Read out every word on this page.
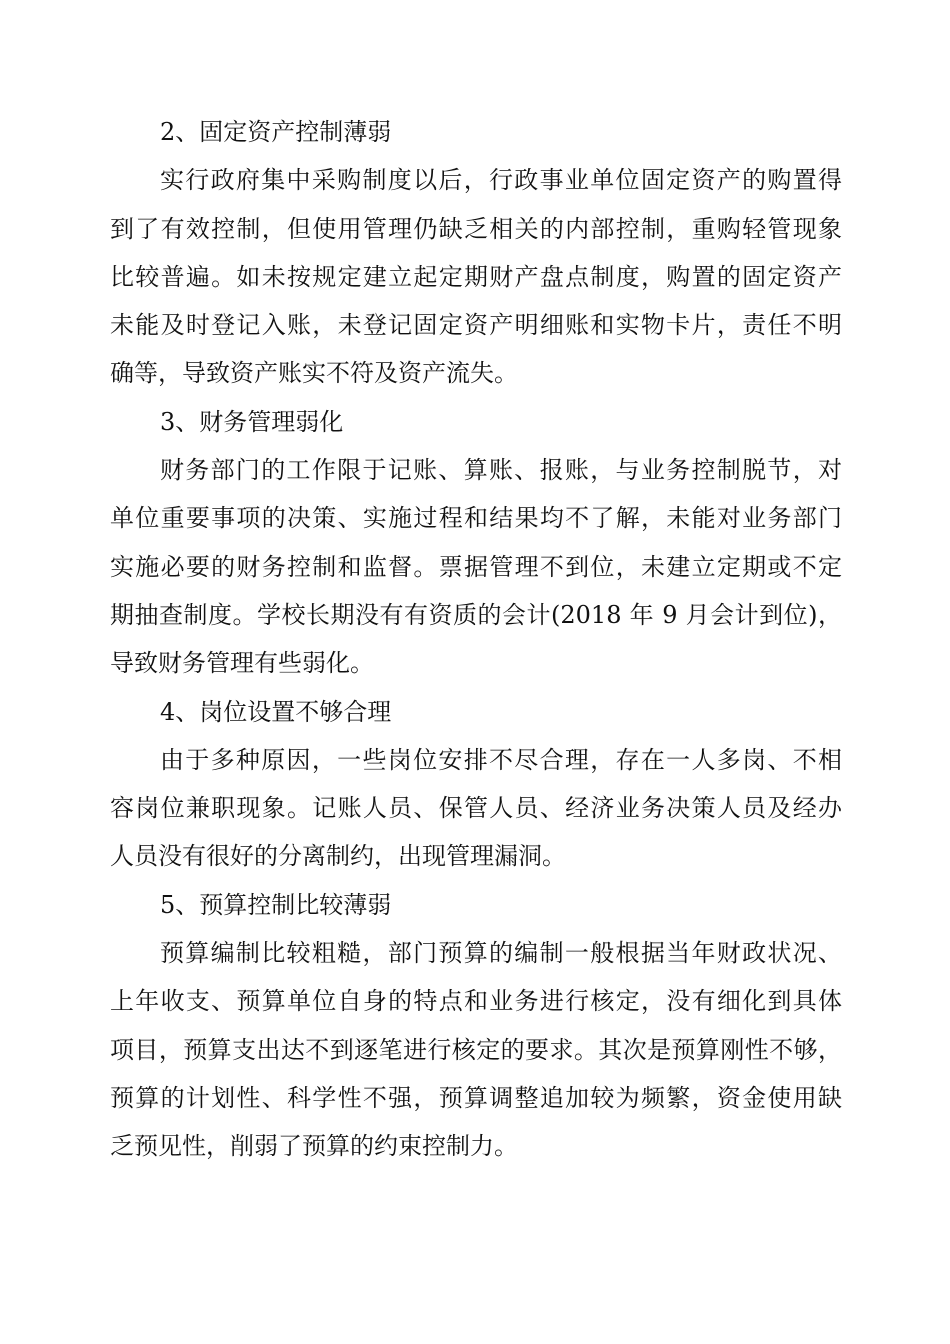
2、固定资产控制薄弱
实行政府集中采购制度以后，行政事业单位固定资产的购置得
到了有效控制，但使用管理仍缺乏相关的内部控制，重购轻管现象
比较普遍。如未按规定建立起定期财产盘点制度，购置的固定资产
未能及时登记入账，未登记固定资产明细账和实物卡片，责任不明
确等，导致资产账实不符及资产流失。
3、财务管理弱化
财务部门的工作限于记账、算账、报账，与业务控制脱节，对
单位重要事项的决策、实施过程和结果均不了解，未能对业务部门
实施必要的财务控制和监督。票据管理不到位，未建立定期或不定
期抽查制度。学校长期没有有资质的会计(2018 年 9 月会计到位)，
导致财务管理有些弱化。
4、岗位设置不够合理
由于多种原因，一些岗位安排不尽合理，存在一人多岗、不相
容岗位兼职现象。记账人员、保管人员、经济业务决策人员及经办
人员没有很好的分离制约，出现管理漏洞。
5、预算控制比较薄弱
预算编制比较粗糙，部门预算的编制一般根据当年财政状况、
上年收支、预算单位自身的特点和业务进行核定，没有细化到具体
项目，预算支出达不到逐笔进行核定的要求。其次是预算刚性不够，
预算的计划性、科学性不强，预算调整追加较为频繁，资金使用缺
乏预见性，削弱了预算的约束控制力。
